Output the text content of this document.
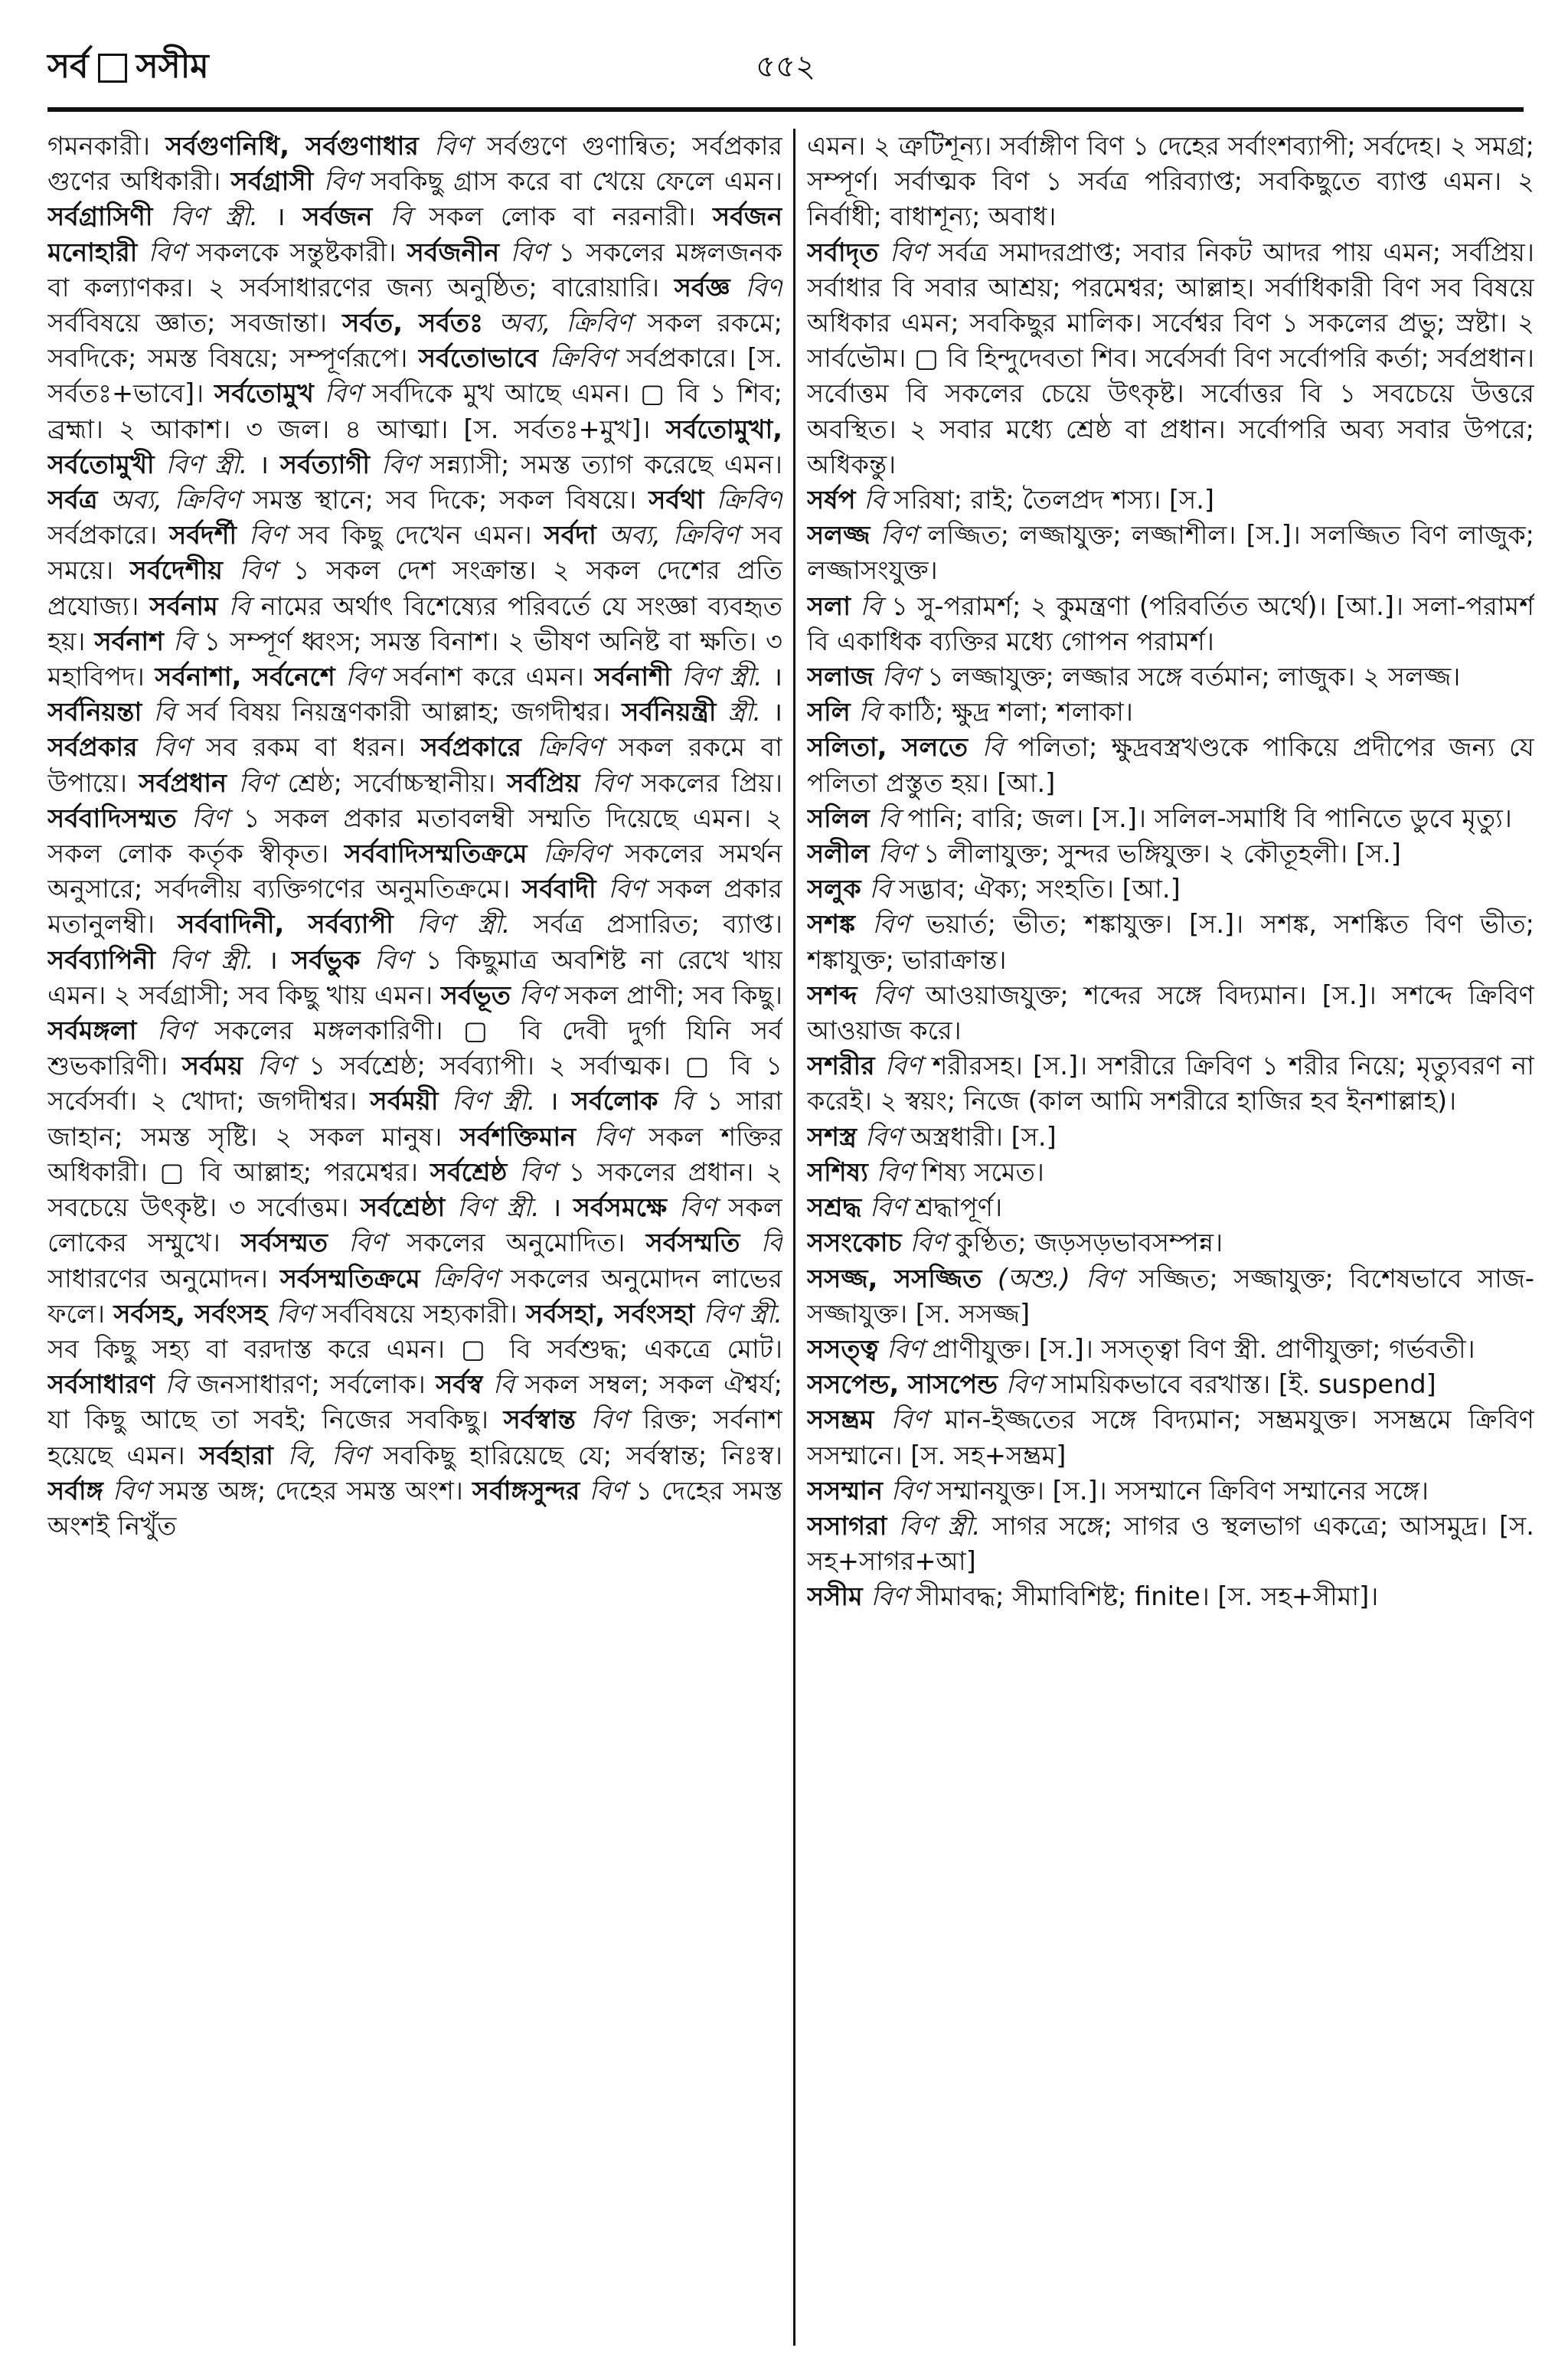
সর্ব সসীম	৫৫২
গমনকারী। সর্বগুণনিধি, সর্বগুণাধার বিণ সর্বগুণে গুণান্বিত; সর্বপ্রকার গুণের অধিকারী। সর্বগ্রাসী বিণ সবকিছু গ্রাস করে বা খেয়ে ফেলে এমন। সর্বগ্রাসিণী বিণ স্ত্রী. । সর্বজন বি সকল লোক বা নরনারী। সর্বজন মনোহারী বিণ সকলকে সন্তুষ্টকারী। সর্বজনীন বিণ ১ সকলের মঙ্গলজনক বা কল্যাণকর। ২ সর্বসাধারণের জন্য অনুষ্ঠিত; বারোয়ারি। সর্বজ্ঞ বিণ সর্ববিষয়ে জ্ঞাত; সবজান্তা। সর্বত, সর্বতঃ অব্য, ক্রিবিণ সকল রকমে; সবদিকে; সমস্ত বিষয়ে; সম্পূর্ণরূপে। সর্বতোভাবে ক্রিবিণ সর্বপ্রকারে। [স. সর্বতঃ+ভাবে]। সর্বতোমুখ বিণ সর্বদিকে মুখ আছে এমন। ▢ বি ১ শিব; ব্রহ্মা। ২ আকাশ। ৩ জল। ৪ আত্মা। [স. সর্বতঃ+মুখ]। সর্বতোমুখা, সর্বতোমুখী বিণ স্ত্রী. । সর্বত্যাগী বিণ সন্ন্যাসী; সমস্ত ত্যাগ করেছে এমন। সর্বত্র অব্য, ক্রিবিণ সমস্ত স্থানে; সব দিকে; সকল বিষয়ে। সর্বথা ক্রিবিণ সর্বপ্রকারে। সর্বদর্শী বিণ সব কিছু দেখেন এমন। সর্বদা অব্য, ক্রিবিণ সব সময়ে। সর্বদেশীয় বিণ ১ সকল দেশ সংক্রান্ত। ২ সকল দেশের প্রতি প্রযোজ্য। সর্বনাম বি নামের অর্থাৎ বিশেষ্যের পরিবর্তে যে সংজ্ঞা ব্যবহৃত হয়। সর্বনাশ বি ১ সম্পূর্ণ ধ্বংস; সমস্ত বিনাশ। ২ ভীষণ অনিষ্ট বা ক্ষতি। ৩ মহাবিপদ। সর্বনাশা, সর্বনেশে বিণ সর্বনাশ করে এমন। সর্বনাশী বিণ স্ত্রী. । সর্বনিয়ন্তা বি সর্ব বিষয় নিয়ন্ত্রণকারী আল্লাহ; জগদীশ্বর। সর্বনিয়ন্ত্রী স্ত্রী. । সর্বপ্রকার বিণ সব রকম বা ধরন। সর্বপ্রকারে ক্রিবিণ সকল রকমে বা উপায়ে। সর্বপ্রধান বিণ শ্রেষ্ঠ; সর্বোচ্চস্থানীয়। সর্বপ্রিয় বিণ সকলের প্রিয়। সর্ববাদিসম্মত বিণ ১ সকল প্রকার মতাবলম্বী সম্মতি দিয়েছে এমন। ২ সকল লোক কর্তৃক স্বীকৃত। সর্ববাদিসম্মতিক্রমে ক্রিবিণ সকলের সমর্থন অনুসারে; সর্বদলীয় ব্যক্তিগণের অনুমতিক্রমে। সর্ববাদী বিণ সকল প্রকার মতানুলম্বী। সর্ববাদিনী, সর্বব্যাপী বিণ স্ত্রী. সর্বত্র প্রসারিত; ব্যাপ্ত। সর্বব্যাপিনী বিণ স্ত্রী. । সর্বভুক বিণ ১ কিছুমাত্র অবশিষ্ট না রেখে খায় এমন। ২ সর্বগ্রাসী; সব কিছু খায় এমন। সর্বভূত বিণ সকল প্রাণী; সব কিছু। সর্বমঙ্গলা বিণ সকলের মঙ্গলকারিণী। ▢ বি দেবী দুর্গা যিনি সর্ব শুভকারিণী। সর্বময় বিণ ১ সর্বশ্রেষ্ঠ; সর্বব্যাপী। ২ সর্বাত্মক। ▢ বি ১ সর্বেসর্বা। ২ খোদা; জগদীশ্বর। সর্বময়ী বিণ স্ত্রী. । সর্বলোক বি ১ সারা জাহান; সমস্ত সৃষ্টি। ২ সকল মানুষ। সর্বশক্তিমান বিণ সকল শক্তির অধিকারী। ▢ বি আল্লাহ; পরমেশ্বর। সর্বশ্রেষ্ঠ বিণ ১ সকলের প্রধান। ২ সবচেয়ে উৎকৃষ্ট। ৩ সর্বোত্তম। সর্বশ্রেষ্ঠা বিণ স্ত্রী. । সর্বসমক্ষে বিণ সকল লোকের সম্মুখে। সর্বসম্মত বিণ সকলের অনুমোদিত। সর্বসম্মতি বি সাধারণের অনুমোদন। সর্বসম্মতিক্রমে ক্রিবিণ সকলের অনুমোদন লাভের ফলে। সর্বসহ, সর্বংসহ বিণ সর্ববিষয়ে সহ্যকারী। সর্বসহা, সর্বংসহা বিণ স্ত্রী. সব কিছু সহ্য বা বরদাস্ত করে এমন। ▢ বি সর্বশুদ্ধ; একত্রে মোট। সর্বসাধারণ বি জনসাধারণ; সর্বলোক। সর্বস্ব বি সকল সম্বল; সকল ঐশ্বর্য; যা কিছু আছে তা সবই; নিজের সবকিছু। সর্বস্বান্ত বিণ রিক্ত; সর্বনাশ হয়েছে এমন। সর্বহারা বি, বিণ সবকিছু হারিয়েছে যে; সর্বস্বান্ত; নিঃস্ব। সর্বাঙ্গ বিণ সমস্ত অঙ্গ; দেহের সমস্ত অংশ। সর্বাঙ্গসুন্দর বিণ ১ দেহের সমস্ত অংশই নিখুঁত
এমন। ২ ত্রুটিশূন্য। সর্বাঙ্গীণ বিণ ১ দেহের সর্বাংশব্যাপী; সর্বদেহ। ২ সমগ্র; সম্পূর্ণ। সর্বাত্মক বিণ ১ সর্বত্র পরিব্যাপ্ত; সবকিছুতে ব্যাপ্ত এমন। ২ নির্বাধী; বাধাশূন্য; অবাধ।
সর্বাদৃত বিণ সর্বত্র সমাদরপ্রাপ্ত; সবার নিকট আদর পায় এমন; সর্বপ্রিয়। সর্বাধার বি সবার আশ্রয়; পরমেশ্বর; আল্লাহ। সর্বাধিকারী বিণ সব বিষয়ে অধিকার এমন; সবকিছুর মালিক। সর্বেশ্বর বিণ ১ সকলের প্রভু; স্রষ্টা। ২ সার্বভৌম। ▢ বি হিন্দুদেবতা শিব। সর্বেসর্বা বিণ সর্বোপরি কর্তা; সর্বপ্রধান। সর্বোত্তম বি সকলের চেয়ে উৎকৃষ্ট। সর্বোত্তর বি ১ সবচেয়ে উত্তরে অবস্থিত। ২ সবার মধ্যে শ্রেষ্ঠ বা প্রধান। সর্বোপরি অব্য সবার উপরে; অধিকন্তু।
সর্ষপ বি সরিষা; রাই; তৈলপ্রদ শস্য। [স.]
সলজ্জ বিণ লজ্জিত; লজ্জাযুক্ত; লজ্জাশীল। [স.]। সলজ্জিত বিণ লাজুক; লজ্জাসংযুক্ত।
সলা বি ১ সু-পরামর্শ; ২ কুমন্ত্রণা (পরিবর্তিত অর্থে)। [আ.]। সলা-পরামর্শ বি একাধিক ব্যক্তির মধ্যে গোপন পরামর্শ।
সলাজ বিণ ১ লজ্জাযুক্ত; লজ্জার সঙ্গে বর্তমান; লাজুক। ২ সলজ্জ।
সলি বি কাঠি; ক্ষুদ্র শলা; শলাকা।
সলিতা, সলতে বি পলিতা; ক্ষুদ্রবস্ত্রখণ্ডকে পাকিয়ে প্রদীপের জন্য যে পলিতা প্রস্তুত হয়। [আ.]
সলিল বি পানি; বারি; জল। [স.]। সলিল-সমাধি বি পানিতে ডুবে মৃত্যু।
সলীল বিণ ১ লীলাযুক্ত; সুন্দর ভঙ্গিযুক্ত। ২ কৌতূহলী। [স.]
সলুক বি সদ্ভাব; ঐক্য; সংহতি। [আ.]
সশঙ্ক বিণ ভয়ার্ত; ভীত; শঙ্কাযুক্ত। [স.]। সশঙ্ক, সশঙ্কিত বিণ ভীত; শঙ্কাযুক্ত; ভারাক্রান্ত।
সশব্দ বিণ আওয়াজযুক্ত; শব্দের সঙ্গে বিদ্যমান। [স.]। সশব্দে ক্রিবিণ আওয়াজ করে।
সশরীর বিণ শরীরসহ। [স.]। সশরীরে ক্রিবিণ ১ শরীর নিয়ে; মৃত্যুবরণ না করেই। ২ স্বয়ং; নিজে (কাল আমি সশরীরে হাজির হব ইনশাল্লাহ)।
সশস্ত্র বিণ অস্ত্রধারী। [স.]
সশিষ্য বিণ শিষ্য সমেত।
সশ্রদ্ধ বিণ শ্রদ্ধাপূর্ণ।
সসংকোচ বিণ কুণ্ঠিত; জড়সড়ভাবসম্পন্ন।
সসজ্জ, সসজ্জিত (অশু.) বিণ সজ্জিত; সজ্জাযুক্ত; বিশেষভাবে সাজ-সজ্জাযুক্ত। [স. সসজ্জ]
সসত্ত্ব বিণ প্রাণীযুক্ত। [স.]। সসত্ত্বা বিণ স্ত্রী. প্রাণীযুক্তা; গর্ভবতী।
সসপেন্ড, সাসপেন্ড বিণ সাময়িকভাবে বরখাস্ত। [ই. suspend]
সসম্ভ্রম বিণ মান-ইজ্জতের সঙ্গে বিদ্যমান; সম্ভ্রমযুক্ত। সসম্ভ্রমে ক্রিবিণ সসম্মানে। [স. সহ+সম্ভ্রম]
সসম্মান বিণ সম্মানযুক্ত। [স.]। সসম্মানে ক্রিবিণ সম্মানের সঙ্গে।
সসাগরা বিণ স্ত্রী. সাগর সঙ্গে; সাগর ও স্থলভাগ একত্রে; আসমুদ্র। [স. সহ+সাগর+আ]
সসীম বিণ সীমাবদ্ধ; সীমাবিশিষ্ট; finite। [স. সহ+সীমা]।
